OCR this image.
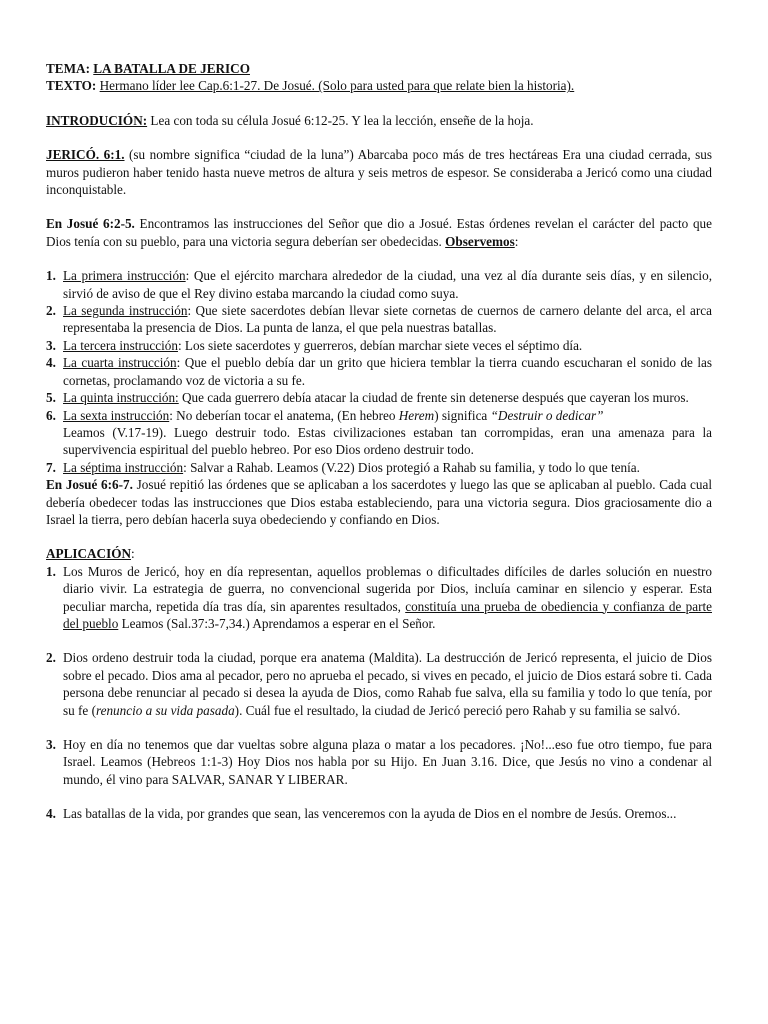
TEMA: LA BATALLA DE JERICO

TEXTO: Hermano líder lee Cap.6:1-27. De Josué. (Solo para usted para que relate bien la historia).

INTRODUCIÓN: Lea con toda su célula Josué 6:12-25. Y lea la lección, enseñe de la hoja.

JERICÓ. 6:1. (su nombre significa “ciudad de la luna”) Abarcaba poco más de tres hectáreas Era una ciudad cerrada, sus muros pudieron haber tenido hasta nueve metros de altura y seis metros de espesor. Se consideraba a Jericó como una ciudad inconquistable.

En Josué 6:2-5. Encontramos las instrucciones del Señor que dio a Josué. Estas órdenes revelan el carácter del pacto que Dios tenía con su pueblo, para una victoria segura deberían ser obedecidas. Observemos:

1. La primera instrucción: Que el ejército marchara alrededor de la ciudad, una vez al día durante seis días, y en silencio, sirvió de aviso de que el Rey divino estaba marcando la ciudad como suya.
2. La segunda instrucción: Que siete sacerdotes debían llevar siete cornetas de cuernos de carnero delante del arca, el arca representaba la presencia de Dios. La punta de lanza, el que pela nuestras batallas.
3. La tercera instrucción: Los siete sacerdotes y guerreros, debían marchar siete veces el séptimo día.
4. La cuarta instrucción: Que el pueblo debía dar un grito que hiciera temblar la tierra cuando escucharan el sonido de las cornetas, proclamando voz de victoria a su fe.
5. La quinta instrucción: Que cada guerrero debía atacar la ciudad de frente sin detenerse después que cayeran los muros.
6. La sexta instrucción: No deberían tocar el anatema, (En hebreo Herem) significa “Destruir o dedicar”
Leamos (V.17-19). Luego destruir todo. Estas civilizaciones estaban tan corrompidas, eran una amenaza para la supervivencia espiritual del pueblo hebreo. Por eso Dios ordeno destruir todo.
7. La séptima instrucción: Salvar a Rahab. Leamos (V.22) Dios protegió a Rahab su familia, y todo lo que tenía.

En Josué 6:6-7. Josué repitió las órdenes que se aplicaban a los sacerdotes y luego las que se aplicaban al pueblo. Cada cual debería obedecer todas las instrucciones que Dios estaba estableciendo, para una victoria segura. Dios graciosamente dio a Israel la tierra, pero debían hacerla suya obedeciendo y confiando en Dios.

APLICACIÓN:

1. Los Muros de Jericó, hoy en día representan, aquellos problemas o dificultades difíciles de darles solución en nuestro diario vivir. La estrategia de guerra, no convencional sugerida por Dios, incluía caminar en silencio y esperar. Esta peculiar marcha, repetida día tras día, sin aparentes resultados, constituía una prueba de obediencia y confianza de parte del pueblo Leamos (Sal.37:3-7,34.) Aprendamos a esperar en el Señor.
2. Dios ordeno destruir toda la ciudad, porque era anatema (Maldita). La destrucción de Jericó representa, el juicio de Dios sobre el pecado. Dios ama al pecador, pero no aprueba el pecado, si vives en pecado, el juicio de Dios estará sobre ti. Cada persona debe renunciar al pecado si desea la ayuda de Dios, como Rahab fue salva, ella su familia y todo lo que tenía, por su fe (renuncio a su vida pasada). Cuál fue el resultado, la ciudad de Jericó pereció pero Rahab y su familia se salvó.
3. Hoy en día no tenemos que dar vueltas sobre alguna plaza o matar a los pecadores. ¡No!...eso fue otro tiempo, fue para Israel. Leamos (Hebreos 1:1-3) Hoy Dios nos habla por su Hijo. En Juan 3.16. Dice, que Jesús no vino a condenar al mundo, él vino para SALVAR, SANAR Y LIBERAR.
4. Las batallas de la vida, por grandes que sean, las venceremos con la ayuda de Dios en el nombre de Jesús. Oremos...
